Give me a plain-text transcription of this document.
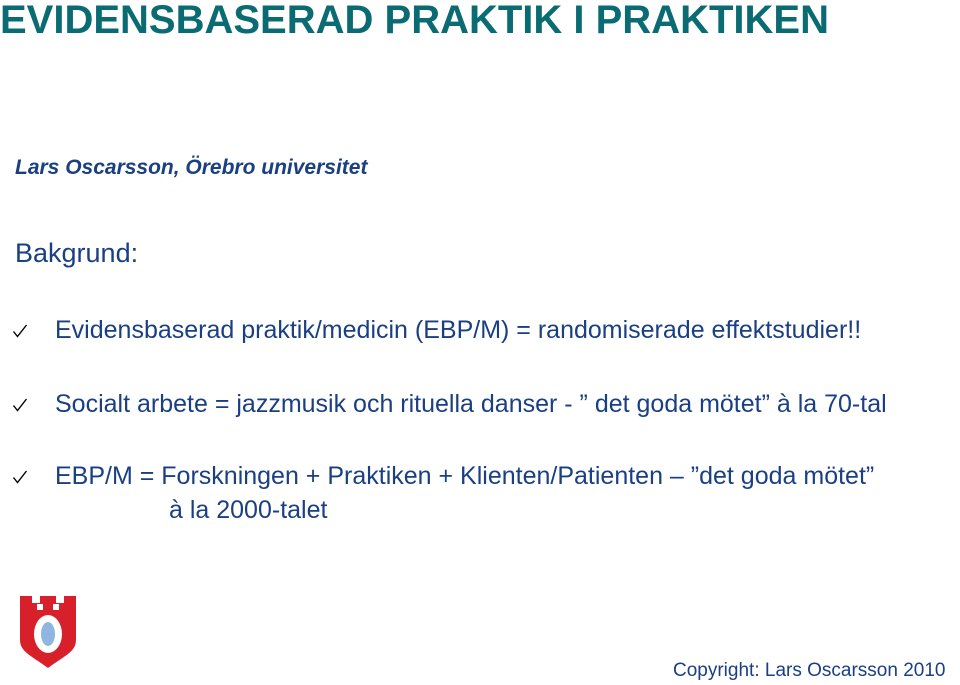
EVIDENSBASERAD PRAKTIK I PRAKTIKEN
Lars Oscarsson, Örebro universitet
Bakgrund:
Evidensbaserad praktik/medicin (EBP/M) = randomiserade effektstudier!!
Socialt arbete = jazzmusik och rituella danser - ” det goda mötet” à la 70-tal
EBP/M = Forskningen + Praktiken + Klienten/Patienten – ”det goda mötet”
à la 2000-talet
Copyright: Lars Oscarsson 2010
